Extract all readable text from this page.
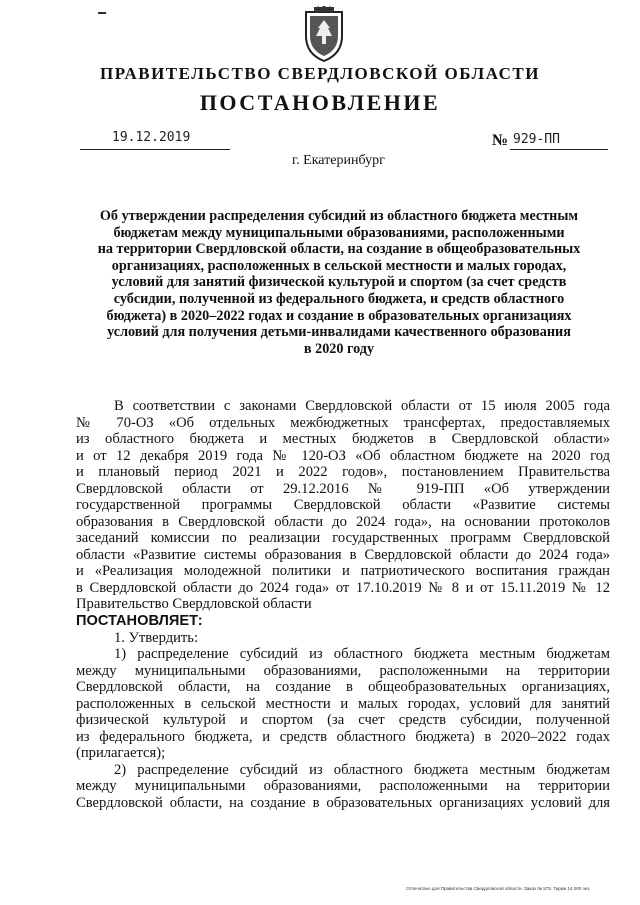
ПРАВИТЕЛЬСТВО СВЕРДЛОВСКОЙ ОБЛАСТИ
ПОСТАНОВЛЕНИЕ
19.12.2019	№ 929-ПП
г. Екатеринбург
Об утверждении распределения субсидий из областного бюджета местным
бюджетам между муниципальными образованиями, расположенными
на территории Свердловской области, на создание в общеобразовательных
организациях, расположенных в сельской местности и малых городах,
условий для занятий физической культурой и спортом (за счет средств
субсидии, полученной из федерального бюджета, и средств областного
бюджета) в 2020–2022 годах и создание в образовательных организациях
условий для получения детьми-инвалидами качественного образования
в 2020 году
В соответствии с законами Свердловской области от 15 июля 2005 года
№ 70-ОЗ «Об отдельных межбюджетных трансфертах, предоставляемых
из областного бюджета и местных бюджетов в Свердловской области»
и от 12 декабря 2019 года № 120-ОЗ «Об областном бюджете на 2020 год
и плановый период 2021 и 2022 годов», постановлением Правительства
Свердловской области от 29.12.2016 № 919-ПП «Об утверждении
государственной программы Свердловской области «Развитие системы
образования в Свердловской области до 2024 года», на основании протоколов
заседаний комиссии по реализации государственных программ Свердловской
области «Развитие системы образования в Свердловской области до 2024 года»
и «Реализация молодежной политики и патриотического воспитания граждан
в Свердловской области до 2024 года» от 17.10.2019 № 8 и от 15.11.2019 № 12
Правительство Свердловской области
ПОСТАНОВЛЯЕТ:
1. Утвердить:
1) распределение субсидий из областного бюджета местным бюджетам
между муниципальными образованиями, расположенными на территории
Свердловской области, на создание в общеобразовательных организациях,
расположенных в сельской местности и малых городах, условий для занятий
физической культурой и спортом (за счет средств субсидии, полученной
из федерального бюджета, и средств областного бюджета) в 2020–2022 годах
(прилагается);
2) распределение субсидий из областного бюджета местным бюджетам
между муниципальными образованиями, расположенными на территории
Свердловской области, на создание в образовательных организациях условий для
Отпечатано для Правительства Свердловской области. Заказ № 575. Тираж 14 000 экз.
